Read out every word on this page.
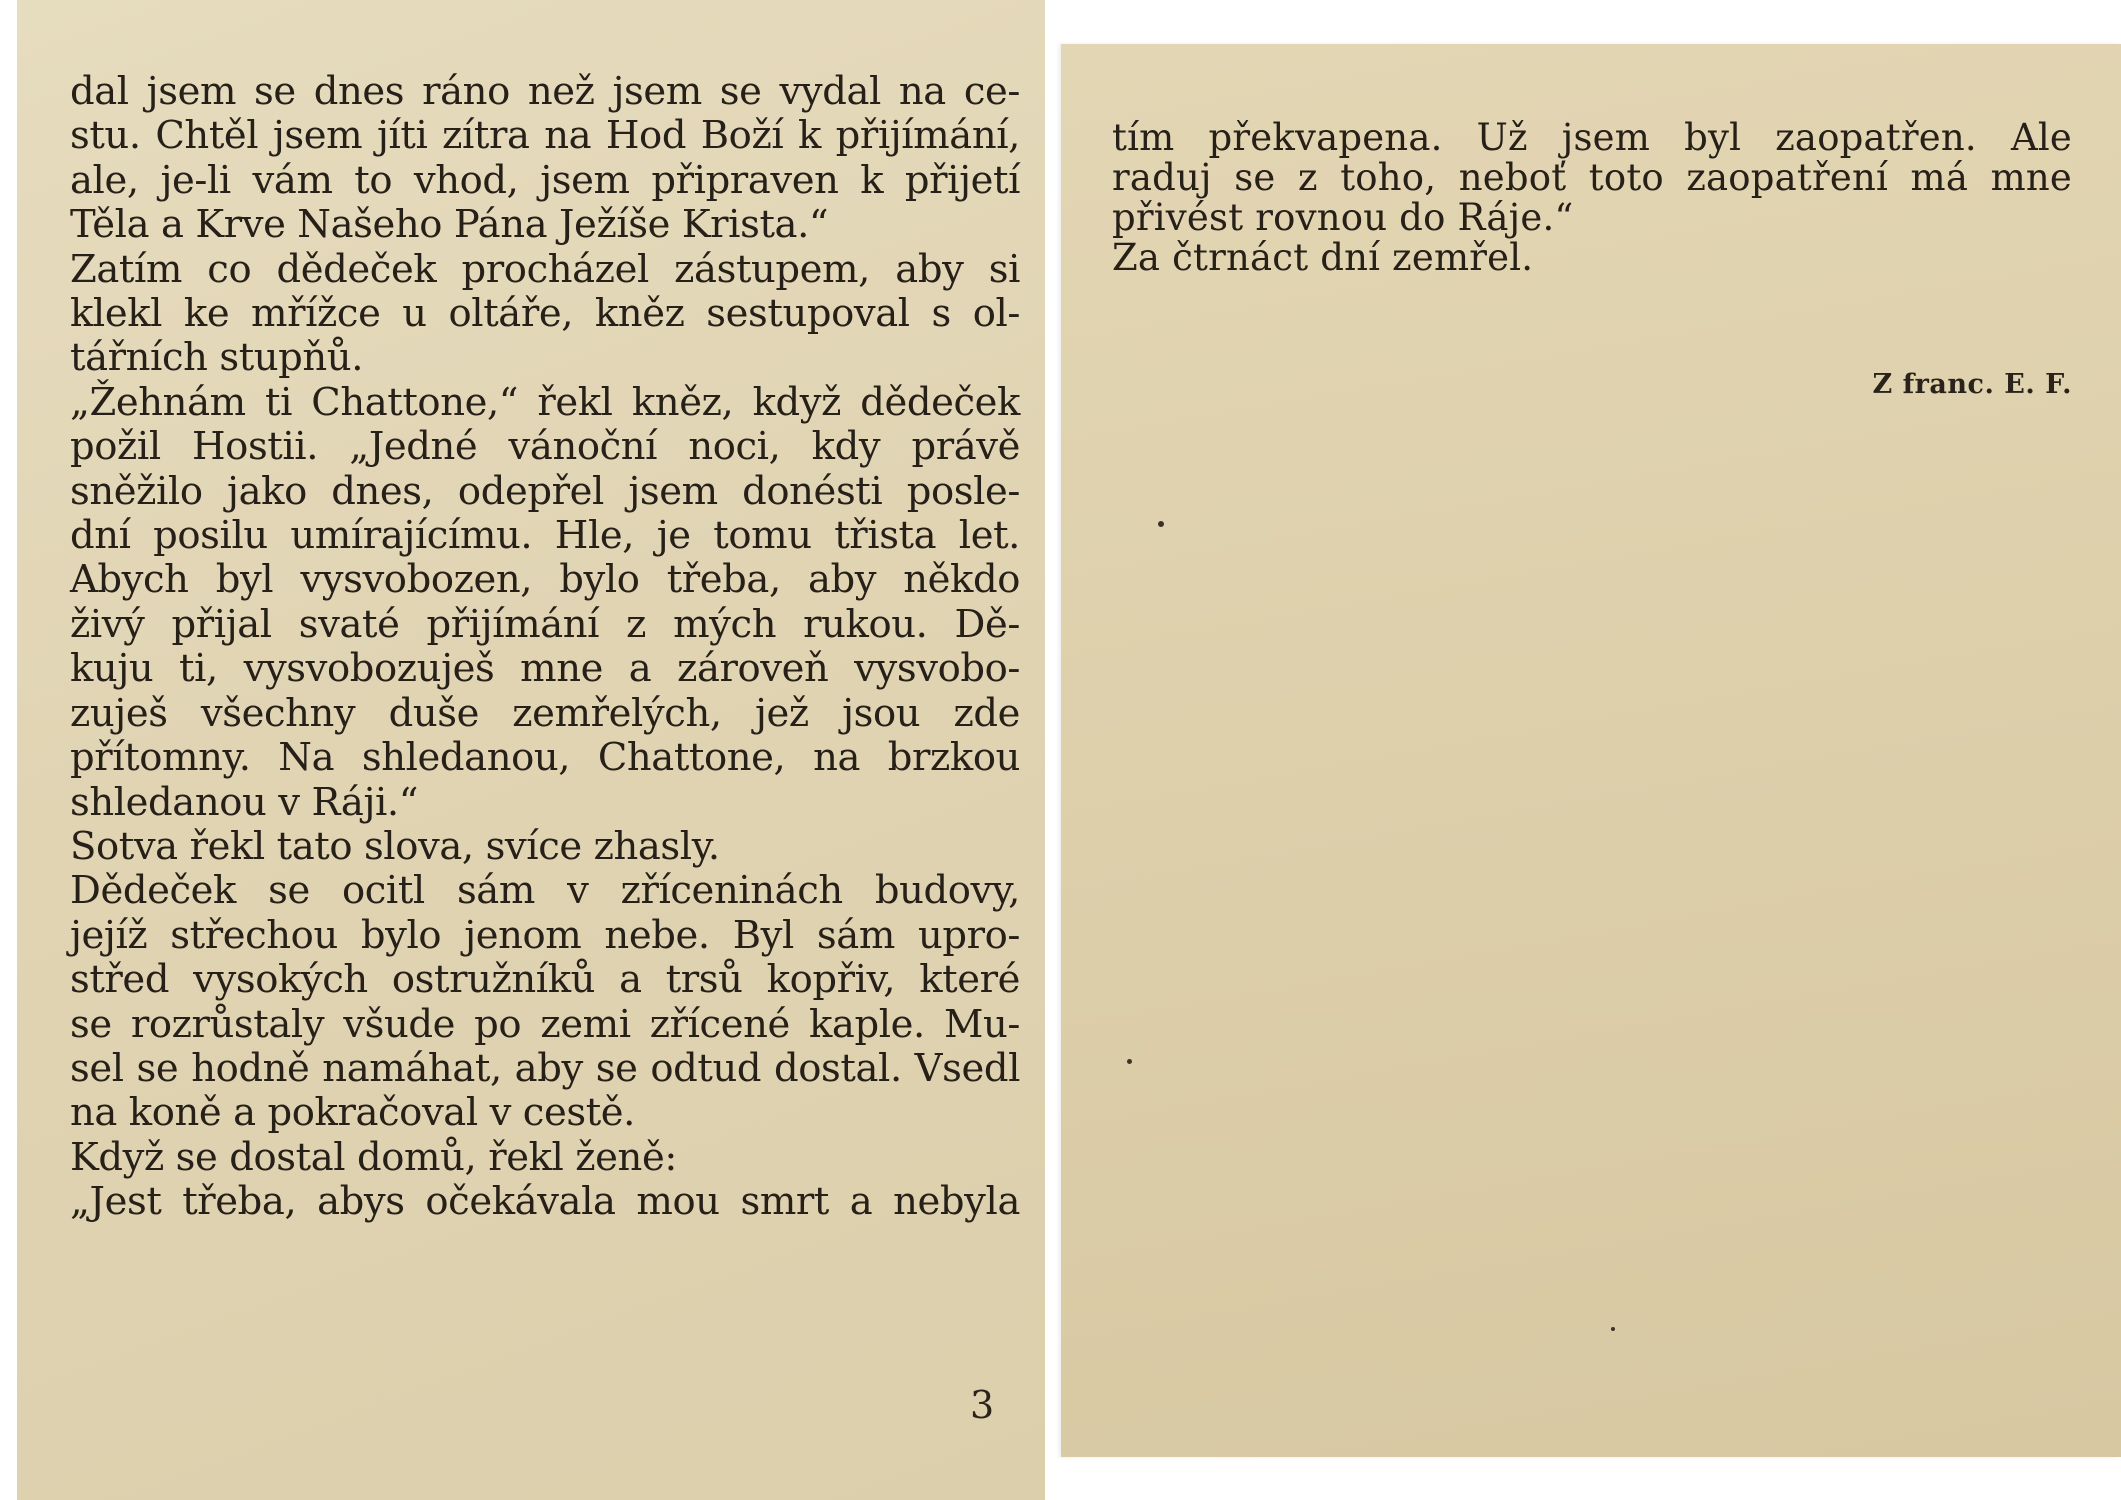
dal jsem se dnes ráno než jsem se vydal na ce-
stu. Chtěl jsem jíti zítra na Hod Boží k přijímání,
ale, je-li vám to vhod, jsem připraven k přijetí
Těla a Krve Našeho Pána Ježíše Krista.“
Zatím co dědeček procházel zástupem, aby si
klekl ke mřížce u oltáře, kněz sestupoval s ol-
tářních stupňů.
„Žehnám ti Chattone,“ řekl kněz, když dědeček
požil Hostii. „Jedné vánoční noci, kdy právě
sněžilo jako dnes, odepřel jsem donésti posle-
dní posilu umírajícímu. Hle, je tomu třista let.
Abych byl vysvobozen, bylo třeba, aby někdo
živý přijal svaté přijímání z mých rukou. Dě-
kuju ti, vysvobozuješ mne a zároveň vysvobo-
zuješ všechny duše zemřelých, jež jsou zde
přítomny. Na shledanou, Chattone, na brzkou
shledanou v Ráji.“
Sotva řekl tato slova, svíce zhasly.
Dědeček se ocitl sám v zříceninách budovy,
jejíž střechou bylo jenom nebe. Byl sám upro-
střed vysokých ostružníků a trsů kopřiv, které
se rozrůstaly všude po zemi zřícené kaple. Mu-
sel se hodně namáhat, aby se odtud dostal. Vsedl
na koně a pokračoval v cestě.
Když se dostal domů, řekl ženě:
„Jest třeba, abys očekávala mou smrt a nebyla
3
tím překvapena. Už jsem byl zaopatřen. Ale
raduj se z toho, neboť toto zaopatření má mne
přivést rovnou do Ráje.“
Za čtrnáct dní zemřel.
Z franc. E. F.
